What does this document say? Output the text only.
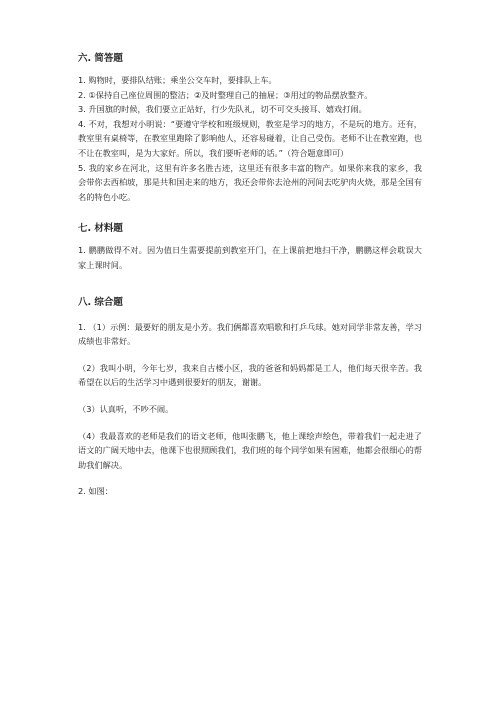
六. 简答题

1. 购物时，要排队结账；乘坐公交车时，要排队上车。

2. ①保持自己座位周围的整洁；②及时整理自己的抽屉；③用过的物品摆放整齐。

3. 升国旗的时候，我们要立正站好，行少先队礼，切不可交头接耳、嬉戏打闹。

4. 不对，我想对小明说：“要遵守学校和班级规则，教室是学习的地方，不是玩的地方。还有，教室里有桌椅等，在教室里跑除了影响他人，还容易碰着，让自己受伤。老师不让在教室跑，也不让在教室叫，是为大家好。所以，我们要听老师的话。”（符合题意即可）

5. 我的家乡在河北，这里有许多名胜古迹，这里还有很多丰富的物产。如果你来我的家乡，我会带你去西柏坡，那是共和国走来的地方，我还会带你去沧州的河间去吃驴肉火烧，那是全国有名的特色小吃。

七. 材料题

1. 鹏鹏做得不对。因为值日生需要提前到教室开门，在上课前把地扫干净，鹏鹏这样会耽误大家上课时间。

八. 综合题

1. （1）示例：最要好的朋友是小芳。我们俩都喜欢唱歌和打乒乓球。她对同学非常友善，学习成绩也非常好。

（2）我叫小明，今年七岁，我来自古楼小区，我的爸爸和妈妈都是工人，他们每天很辛苦。我希望在以后的生活学习中遇到很要好的朋友，谢谢。

（3）认真听，不吵不闹。

（4）我最喜欢的老师是我们的语文老师，他叫张鹏飞，他上课绘声绘色，带着我们一起走进了语文的广阔天地中去，他课下也很照顾我们，我们班的每个同学如果有困难，他都会很细心的帮助我们解决。

2. 如图：
